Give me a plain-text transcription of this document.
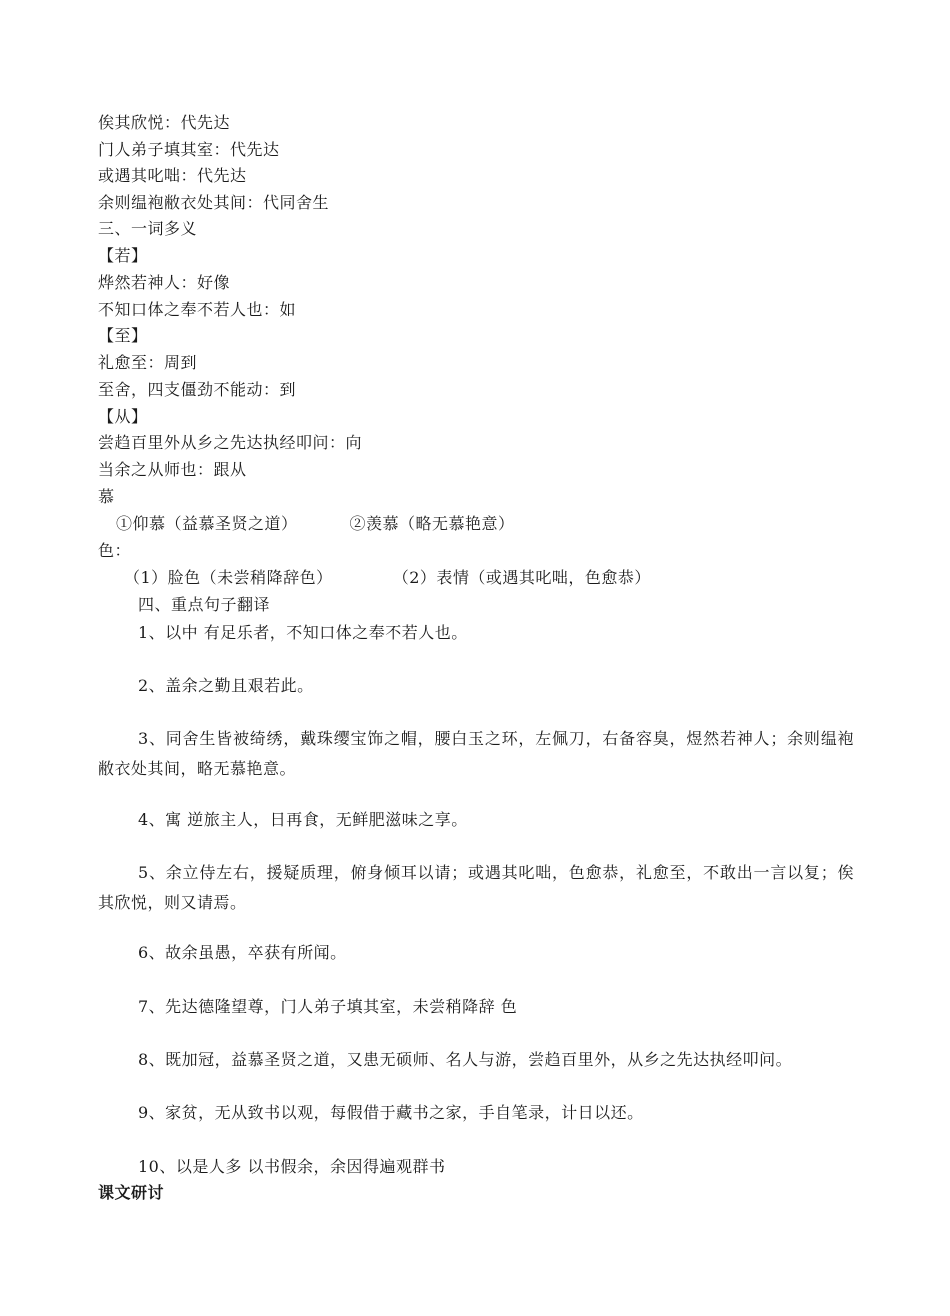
俟其欣悦：代先达
门人弟子填其室：代先达
或遇其叱咄：代先达
余则缊袍敝衣处其间：代同舍生
三、一词多义
【若】
烨然若神人：好像
不知口体之奉不若人也：如
【至】
礼愈至：周到
至舍，四支僵劲不能动：到
【从】
尝趋百里外从乡之先达执经叩问：向
当余之从师也：跟从
慕
①仰慕（益慕圣贤之道）	②羡慕（略无慕艳意）
色：
（1）脸色（未尝稍降辞色）	（2）表情（或遇其叱咄，色愈恭）
四、重点句子翻译
1、以中 有足乐者，不知口体之奉不若人也。
2、盖余之勤且艰若此。
3、同舍生皆被绮绣，戴珠缨宝饰之帽，腰白玉之环，左佩刀，右备容臭，煜然若神人；余则缊袍敝衣处其间，略无慕艳意。
4、寓 逆旅主人，日再食，无鲜肥滋味之享。
5、余立侍左右，援疑质理，俯身倾耳以请；或遇其叱咄，色愈恭，礼愈至，不敢出一言以复；俟其欣悦，则又请焉。
6、故余虽愚，卒获有所闻。
7、先达德隆望尊，门人弟子填其室，未尝稍降辞 色
8、既加冠，益慕圣贤之道，又患无硕师、名人与游，尝趋百里外，从乡之先达执经叩问。
9、家贫，无从致书以观，每假借于藏书之家，手自笔录，计日以还。
10、以是人多 以书假余，余因得遍观群书
课文研讨
